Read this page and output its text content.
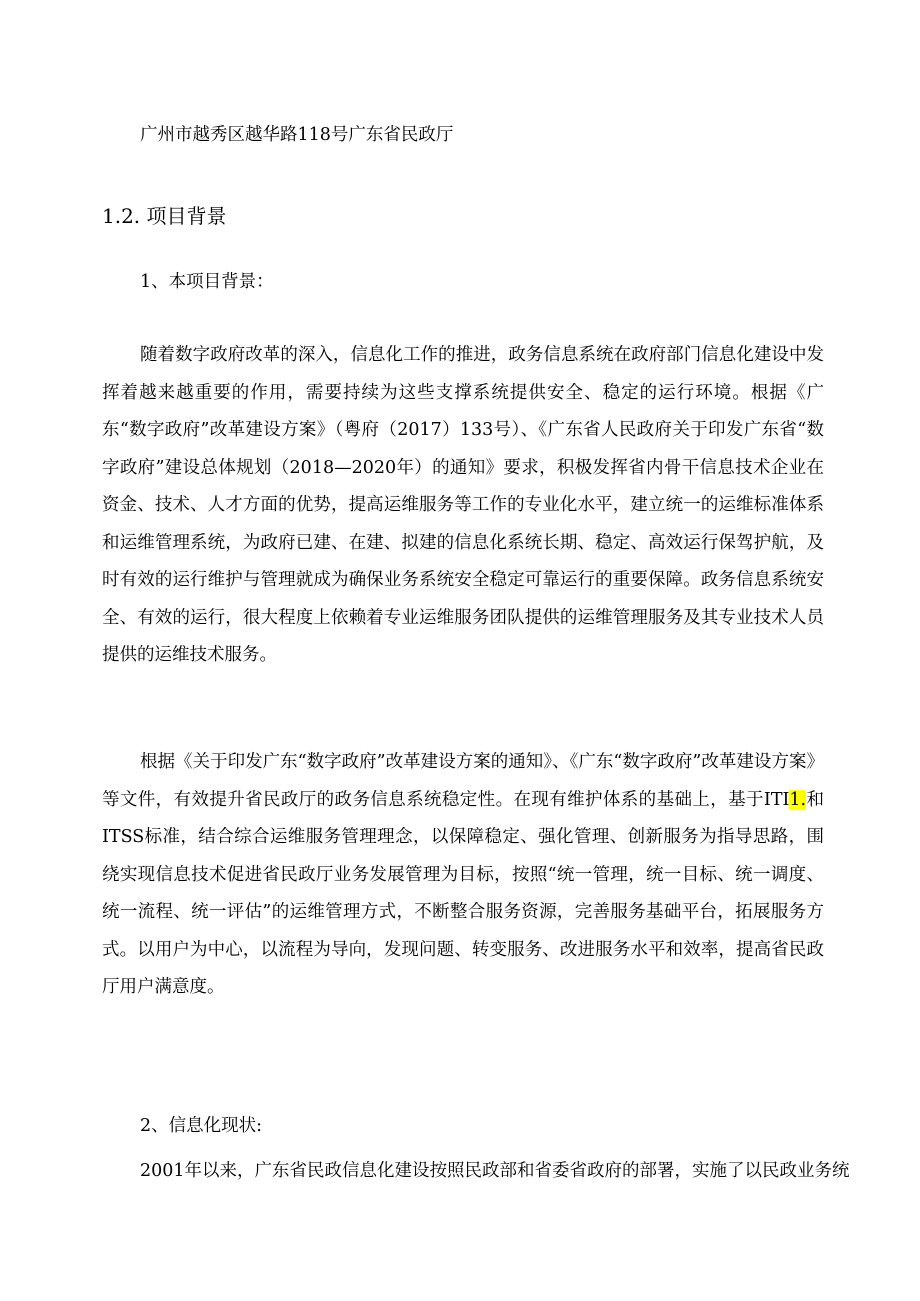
广州市越秀区越华路118号广东省民政厅
1.2. 项目背景
1、本项目背景：

随着数字政府改革的深入，信息化工作的推进，政务信息系统在政府部门信息化建设中发挥着越来越重要的作用，需要持续为这些支撑系统提供安全、稳定的运行环境。根据《广东“数字政府”改革建设方案》（粤府（2017）133号）、《广东省人民政府关于印发广东省“数字政府”建设总体规划（2018—2020年）的通知》要求，积极发挥省内骨干信息技术企业在资金、技术、人才方面的优势，提高运维服务等工作的专业化水平，建立统一的运维标准体系和运维管理系统，为政府已建、在建、拟建的信息化系统长期、稳定、高效运行保驾护航，及时有效的运行维护与管理就成为确保业务系统安全稳定可靠运行的重要保障。政务信息系统安全、有效的运行，很大程度上依赖着专业运维服务团队提供的运维管理服务及其专业技术人员提供的运维技术服务。

根据《关于印发广东“数字政府”改革建设方案的通知》、《广东“数字政府”改革建设方案》等文件，有效提升省民政厅的政务信息系统稳定性。在现有维护体系的基础上，基于ITI1.和ITSS标准，结合综合运维服务管理理念，以保障稳定、强化管理、创新服务为指导思路，围绕实现信息技术促进省民政厅业务发展管理为目标，按照“统一管理，统一目标、统一调度、统一流程、统一评估”的运维管理方式，不断整合服务资源，完善服务基础平台，拓展服务方式。以用户为中心，以流程为导向，发现问题、转变服务、改进服务水平和效率，提高省民政厅用户满意度。

2、信息化现状:
2001年以来，广东省民政信息化建设按照民政部和省委省政府的部署，实施了以民政业务统
